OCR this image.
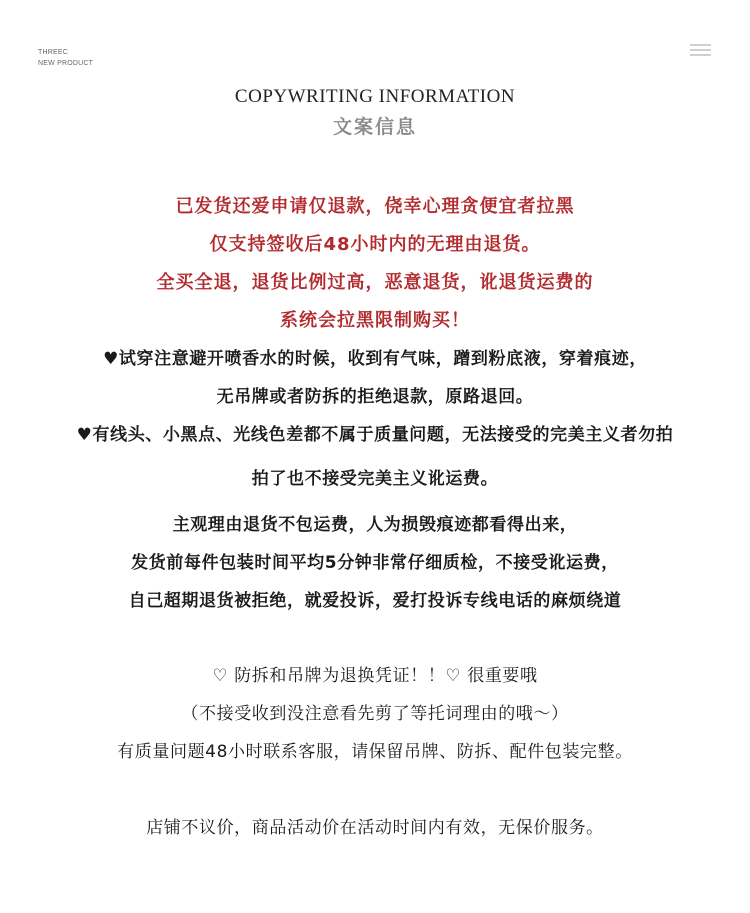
THREEC
NEW PRODUCT
COPYWRITING INFORMATION
文案信息
已发货还爱申请仅退款，侥幸心理贪便宜者拉黑
仅支持签收后48小时内的无理由退货。
全买全退，退货比例过高，恶意退货，讹退货运费的
系统会拉黑限制购买！
♥试穿注意避开喷香水的时候，收到有气味，蹭到粉底液，穿着痕迹，
无吊牌或者防拆的拒绝退款，原路退回。
♥有线头、小黑点、光线色差都不属于质量问题，无法接受的完美主义者勿拍
拍了也不接受完美主义讹运费。
主观理由退货不包运费，人为损毁痕迹都看得出来，
发货前每件包装时间平均5分钟非常仔细质检，不接受讹运费，
自己超期退货被拒绝，就爱投诉，爱打投诉专线电话的麻烦绕道
♡ 防拆和吊牌为退换凭证！！♡ 很重要哦
（不接受收到没注意看先剪了等托词理由的哦～）
有质量问题48小时联系客服，请保留吊牌、防拆、配件包装完整。
店铺不议价，商品活动价在活动时间内有效，无保价服务。
